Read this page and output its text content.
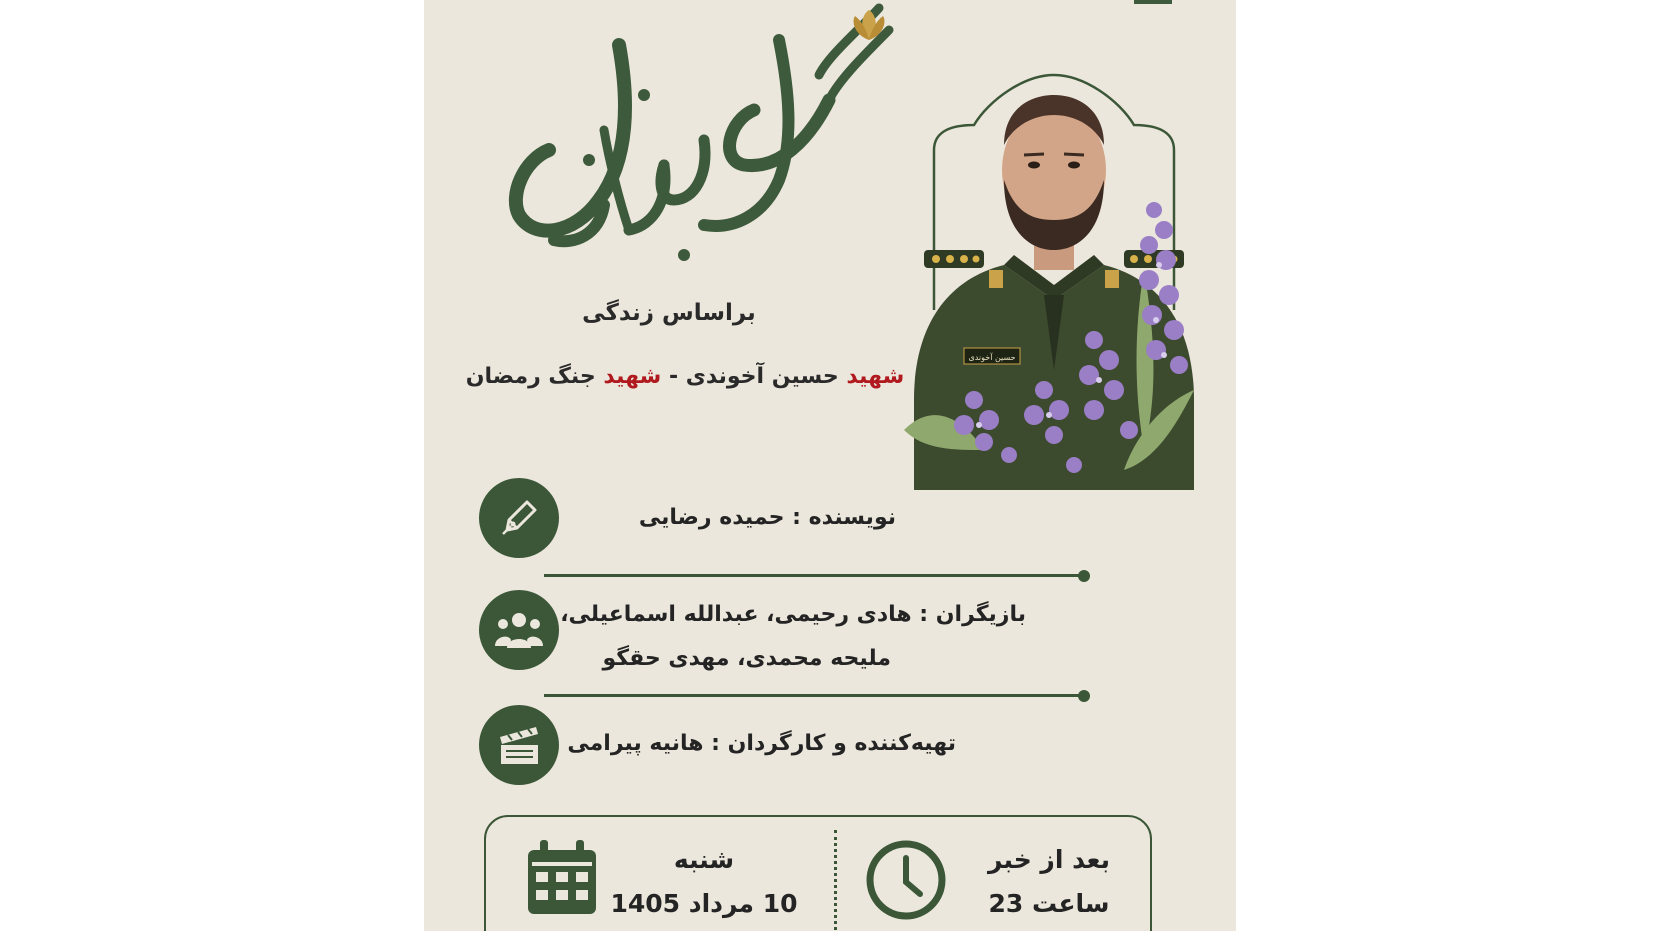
براساس زندگی
شهید حسین آخوندی - شهید جنگ رمضان
حسین آخوندی
نویسنده : حمیده رضایی
بازیگران : هادی رحیمی، عبدالله اسماعیلی،
ملیحه محمدی، مهدی حقگو
تهیه‌کننده و کارگردان : هانیه پیرامی
بعد از خبر
ساعت 23
شنبه
10 مرداد 1405
